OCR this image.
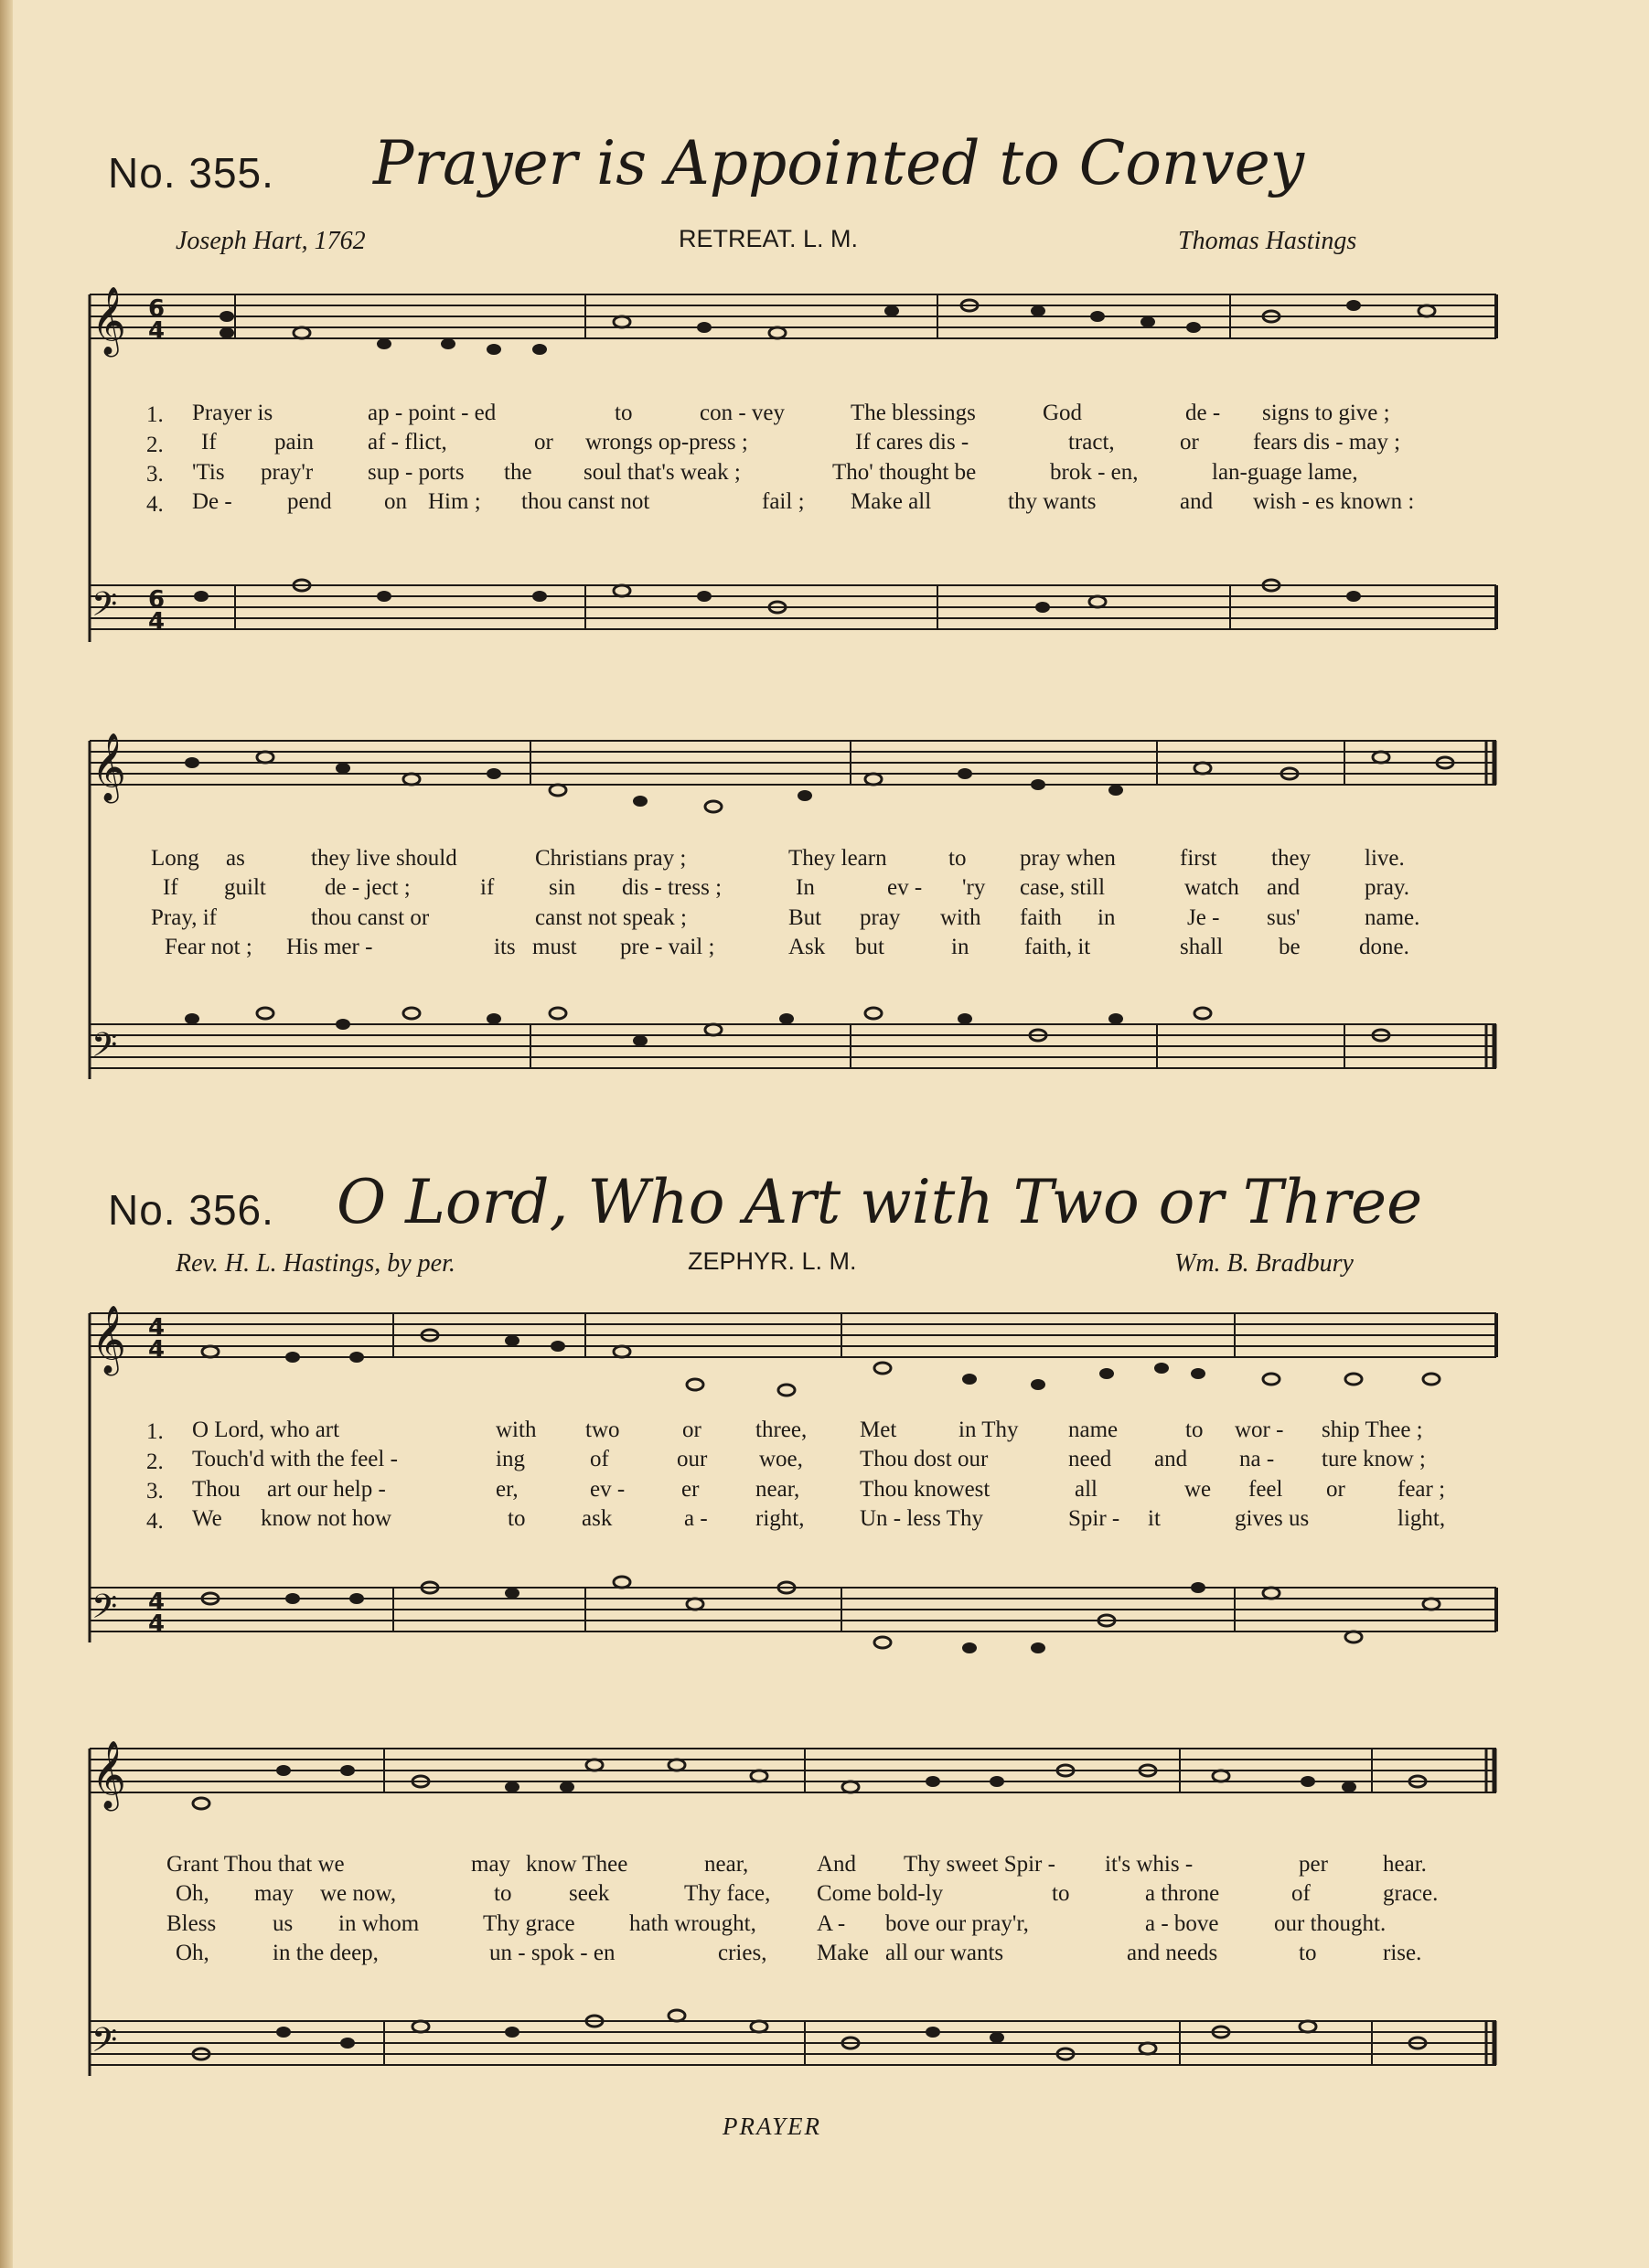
No. 355. Prayer is Appointed to Convey
Joseph Hart, 1762	RETREAT. L. M.	Thomas Hastings
𝄞
𝄞
𝄢
𝄢
6
4
6
4
1.
2.
3.
4.
Prayer is	ap - point - ed	to	con - vey	The blessings	God	de - signs to give ;
If	pain af - flict,	or wrongs op-press ;	If cares dis -	tract,	or fears dis - may ;
'Tis pray'r sup - ports the soul that's weak ;	Tho' thought be	brok - en,	lan-guage lame,
De - pend on Him ; thou canst not	fail ; Make all	thy wants	and wish - es known :
Long as	they live should	Christians pray ;	They learn	to pray when	first they live.
If guilt	de - ject ;	if sin dis - tress ;	In	ev - 'ry case, still	watch and	pray.
Pray, if	thou canst or	canst not speak ;	But pray with faith in	Je - sus'	name.
Fear not ; His mer -	its must pre - vail ;	Ask but	in faith, it	shall be	done.
No. 356. O Lord, Who Art with Two or Three
Rev. H. L. Hastings, by per.	ZEPHYR. L. M.	Wm. B. Bradbury
𝄞
𝄞
𝄢
𝄢
4
4
4
4
1.
2.
3.
4.
O Lord, who art	with two	or three, Met	in Thy name	to wor - ship Thee ;
Touch'd with the feel -	ing	of	our woe, Thou dost our	need and na - ture know ;
Thou art our help -	er,	ev - er near,	Thou knowest	all	we feel or fear ;
We know not how	to ask	a - right, Un - less Thy	Spir - it	gives us	light,
Grant Thou that we	may know Thee	near,	And Thy sweet Spir - it's whis -	per hear.
Oh, may we now,	to	seek	Thy face, Come bold-ly	to	a throne	of	grace.
Bless us in whom	Thy grace hath wrought,	A - bove our pray'r,	a - bove our thought.
Oh,	in the deep,	un - spok - en	cries, Make all our wants	and needs	to	rise.
PRAYER
